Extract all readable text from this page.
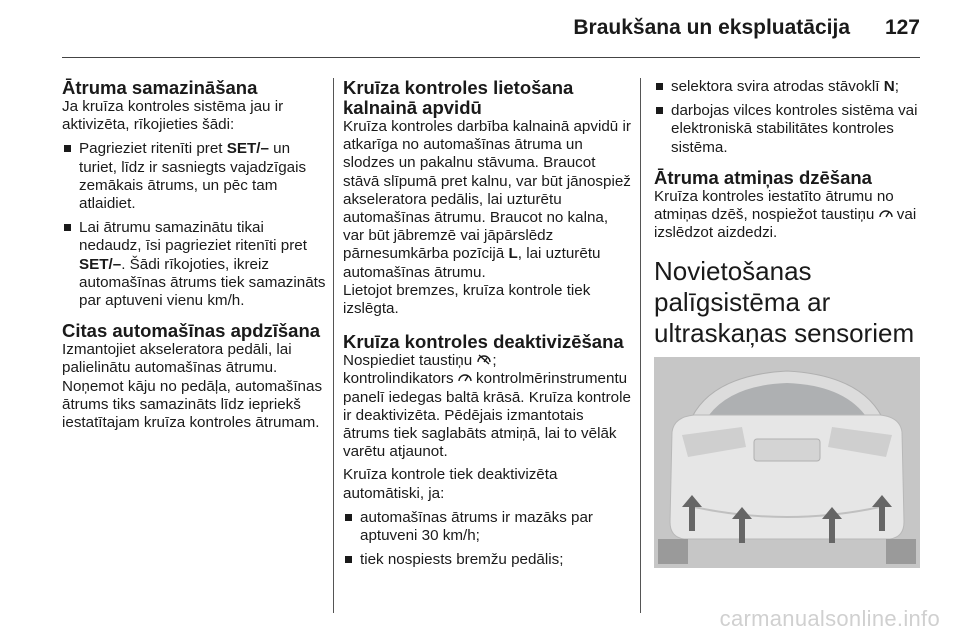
Braukšana un ekspluatācija 127
Ātruma samazināšana

Ja kruīza kontroles sistēma jau ir aktivizēta, rīkojieties šādi:

Pagrieziet ritenīti pret SET/– un turiet, līdz ir sasniegts vajadzīgais zemākais ātrums, un pēc tam atlaidiet.
Lai ātrumu samazinātu tikai nedaudz, īsi pagrieziet ritenīti pret SET/–. Šādi rīkojoties, ikreiz automašīnas ātrums tiek samazināts par aptuveni vienu km/h.
Citas automašīnas apdzīšana

Izmantojiet akseleratora pedāli, lai palielinātu automašīnas ātrumu. Noņemot kāju no pedāļa, automašīnas ātrums tiks samazināts līdz iepriekš iestatītajam kruīza kontroles ātrumam.

Kruīza kontroles lietošana kalnainā apvidū

Kruīza kontroles darbība kalnainā apvidū ir atkarīga no automašīnas ātruma un slodzes un pakalnu stāvuma. Braucot stāvā slīpumā pret kalnu, var būt jānospiež akseleratora pedālis, lai uzturētu automašīnas ātrumu. Braucot no kalna, var būt jābremzē vai jāpārslēdz pārnesumkārba pozīcijā L, lai uzturētu automašīnas ātrumu.

Lietojot bremzes, kruīza kontrole tiek izslēgta.

Kruīza kontroles deaktivizēšana

Nospiediet taustiņu ;

kontrolindikators  kontrolmērinstrumentu panelī iedegas baltā krāsā. Kruīza kontrole ir deaktivizēta. Pēdējais izmantotais ātrums tiek saglabāts atmiņā, lai to vēlāk varētu atjaunot.

Kruīza kontrole tiek deaktivizēta automātiski, ja:

automašīnas ātrums ir mazāks par aptuveni 30 km/h;
tiek nospiests bremžu pedālis;
selektora svira atrodas stāvoklī N;
darbojas vilces kontroles sistēma vai elektroniskā stabilitātes kontroles sistēma.
Ātruma atmiņas dzēšana

Kruīza kontroles iestatīto ātrumu no atmiņas dzēš, nospiežot taustiņu  vai izslēdzot aizdedzi.

Novietošanas palīgsistēma ar ultraskaņas sensoriem
carmanualsonline.info
